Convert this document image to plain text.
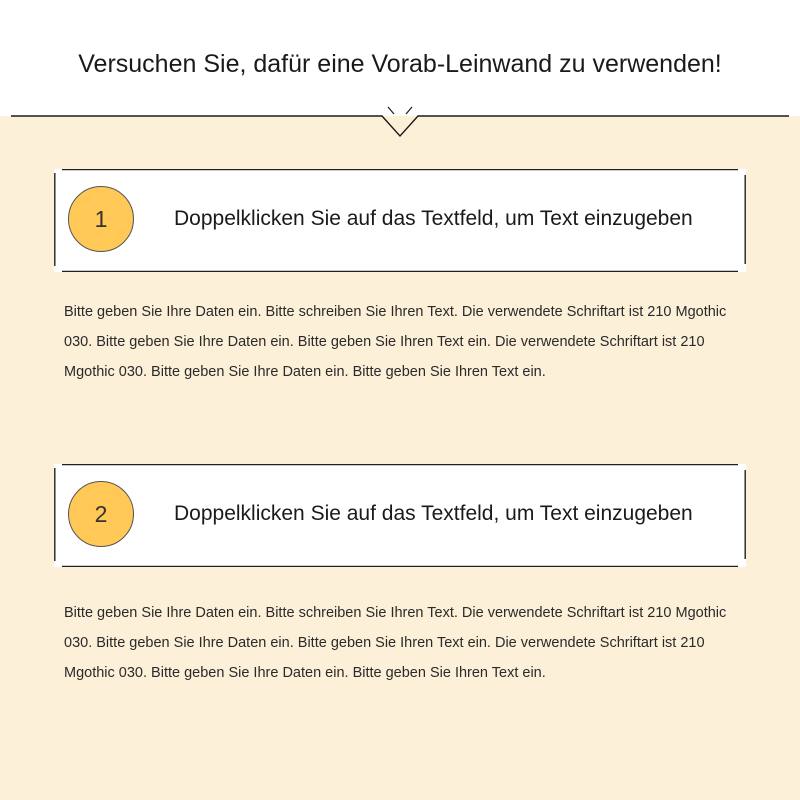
Versuchen Sie, dafür eine Vorab-Leinwand zu verwenden!
1	Doppelklicken Sie auf das Textfeld, um Text einzugeben
Bitte geben Sie Ihre Daten ein. Bitte schreiben Sie Ihren Text. Die verwendete Schriftart ist 210 Mgothic 030. Bitte geben Sie Ihre Daten ein. Bitte geben Sie Ihren Text ein. Die verwendete Schriftart ist 210 Mgothic 030. Bitte geben Sie Ihre Daten ein. Bitte geben Sie Ihren Text ein.
2	Doppelklicken Sie auf das Textfeld, um Text einzugeben
Bitte geben Sie Ihre Daten ein. Bitte schreiben Sie Ihren Text. Die verwendete Schriftart ist 210 Mgothic 030. Bitte geben Sie Ihre Daten ein. Bitte geben Sie Ihren Text ein. Die verwendete Schriftart ist 210 Mgothic 030. Bitte geben Sie Ihre Daten ein. Bitte geben Sie Ihren Text ein.
